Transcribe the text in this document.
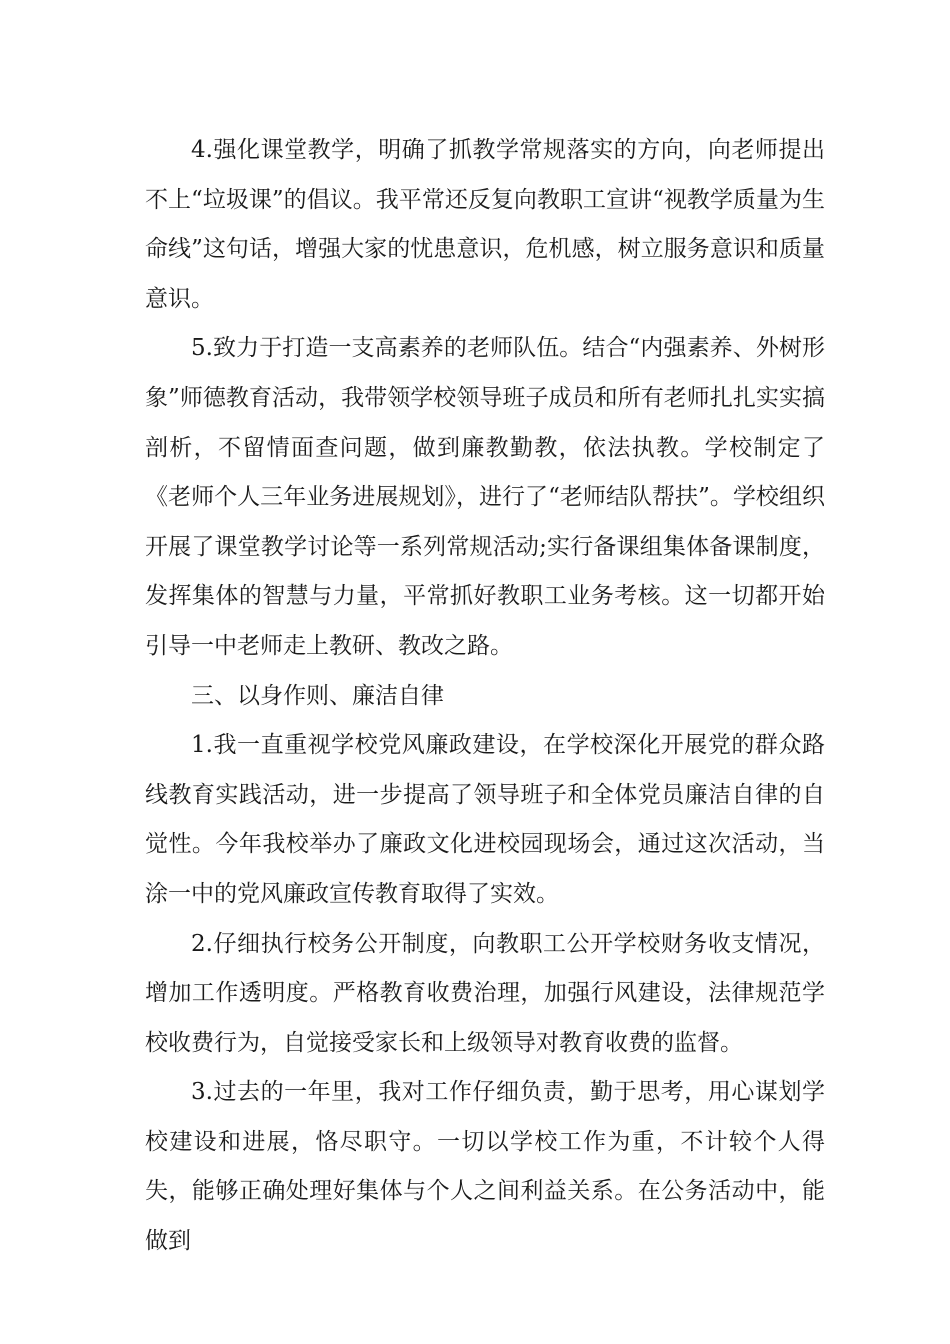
4.强化课堂教学，明确了抓教学常规落实的方向，向老师提出不上“垃圾课”的倡议。我平常还反复向教职工宣讲“视教学质量为生命线”这句话，增强大家的忧患意识，危机感，树立服务意识和质量意识。

5.致力于打造一支高素养的老师队伍。结合“内强素养、外树形象”师德教育活动，我带领学校领导班子成员和所有老师扎扎实实搞剖析，不留情面查问题，做到廉教勤教，依法执教。学校制定了《老师个人三年业务进展规划》，进行了“老师结队帮扶”。学校组织开展了课堂教学讨论等一系列常规活动;实行备课组集体备课制度，发挥集体的智慧与力量，平常抓好教职工业务考核。这一切都开始引导一中老师走上教研、教改之路。

三、以身作则、廉洁自律

1.我一直重视学校党风廉政建设，在学校深化开展党的群众路线教育实践活动，进一步提高了领导班子和全体党员廉洁自律的自觉性。今年我校举办了廉政文化进校园现场会，通过这次活动，当涂一中的党风廉政宣传教育取得了实效。

2.仔细执行校务公开制度，向教职工公开学校财务收支情况，增加工作透明度。严格教育收费治理，加强行风建设，法律规范学校收费行为，自觉接受家长和上级领导对教育收费的监督。

3.过去的一年里，我对工作仔细负责，勤于思考，用心谋划学校建设和进展，恪尽职守。一切以学校工作为重，不计较个人得失，能够正确处理好集体与个人之间利益关系。在公务活动中，能做到
